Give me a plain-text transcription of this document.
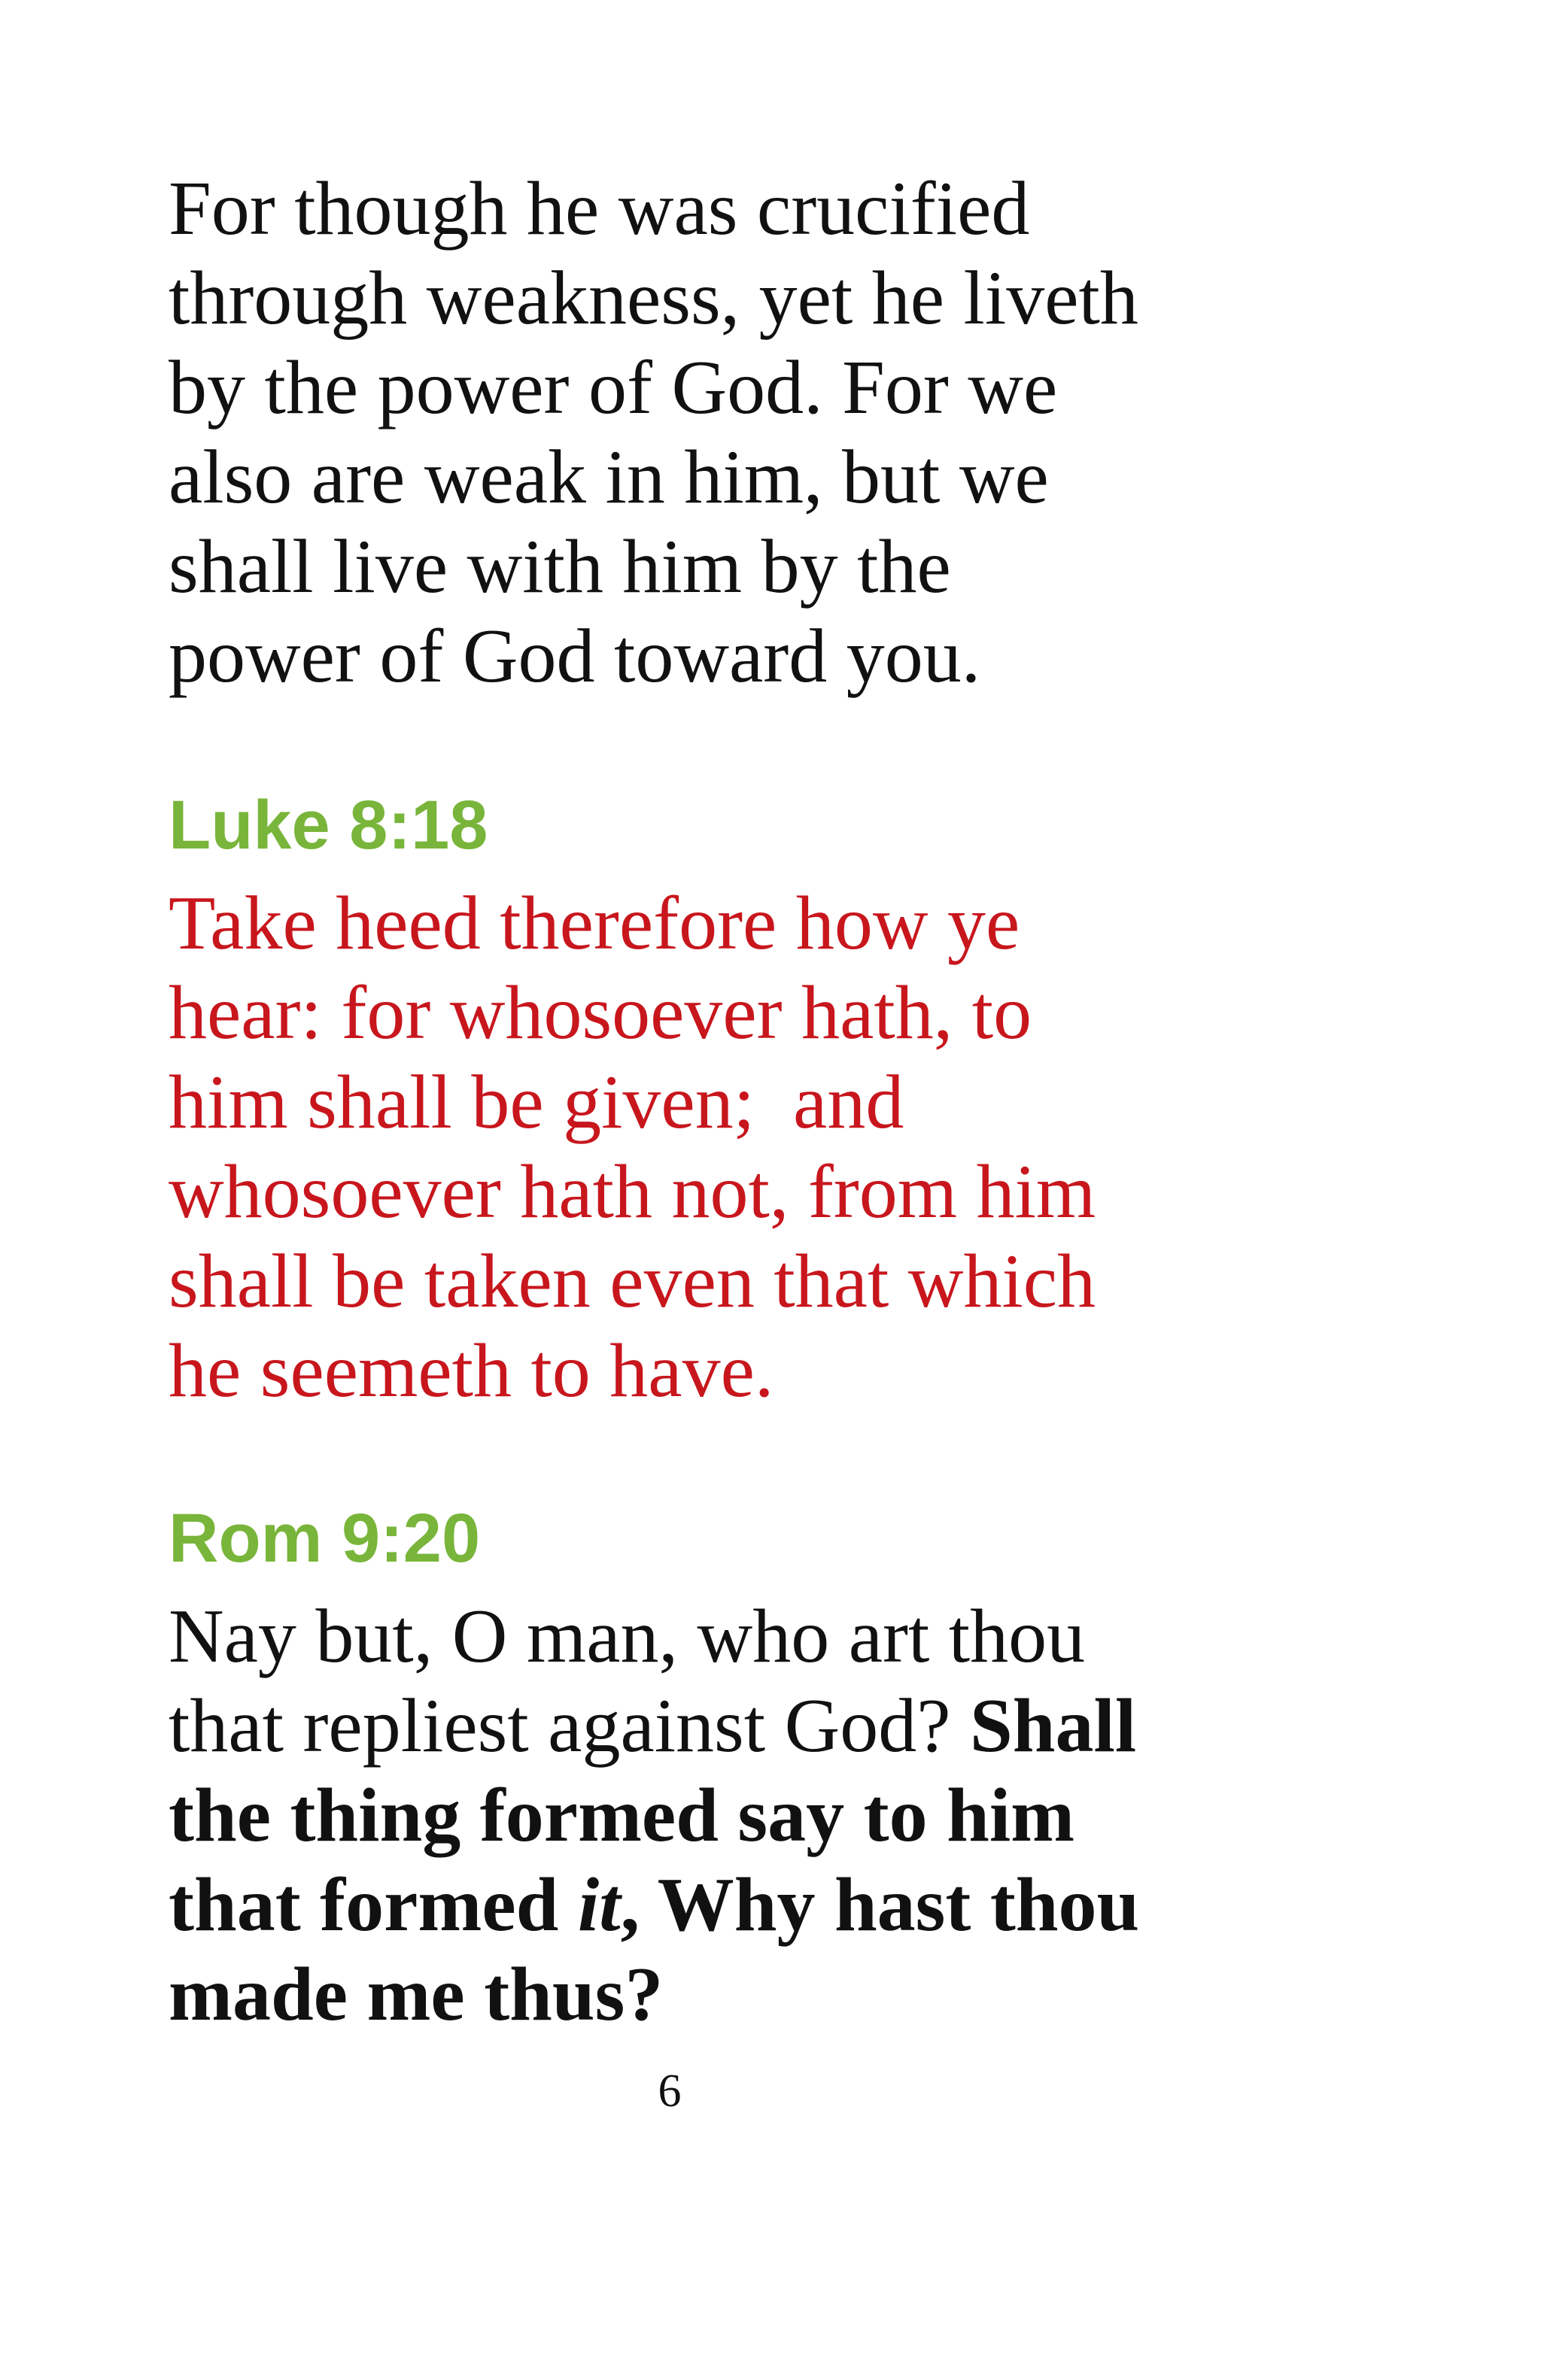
For though he was crucified
through weakness, yet he liveth
by the power of God. For we
also are weak in him, but we
shall live with him by the
power of God toward you.
Luke 8:18
Take heed therefore how ye
hear: for whosoever hath, to
him shall be given;  and
whosoever hath not, from him
shall be taken even that which
he seemeth to have.
Rom 9:20
Nay but, O man, who art thou
that repliest against God? Shall
the thing formed say to him
that formed it, Why hast thou
made me thus?
6
